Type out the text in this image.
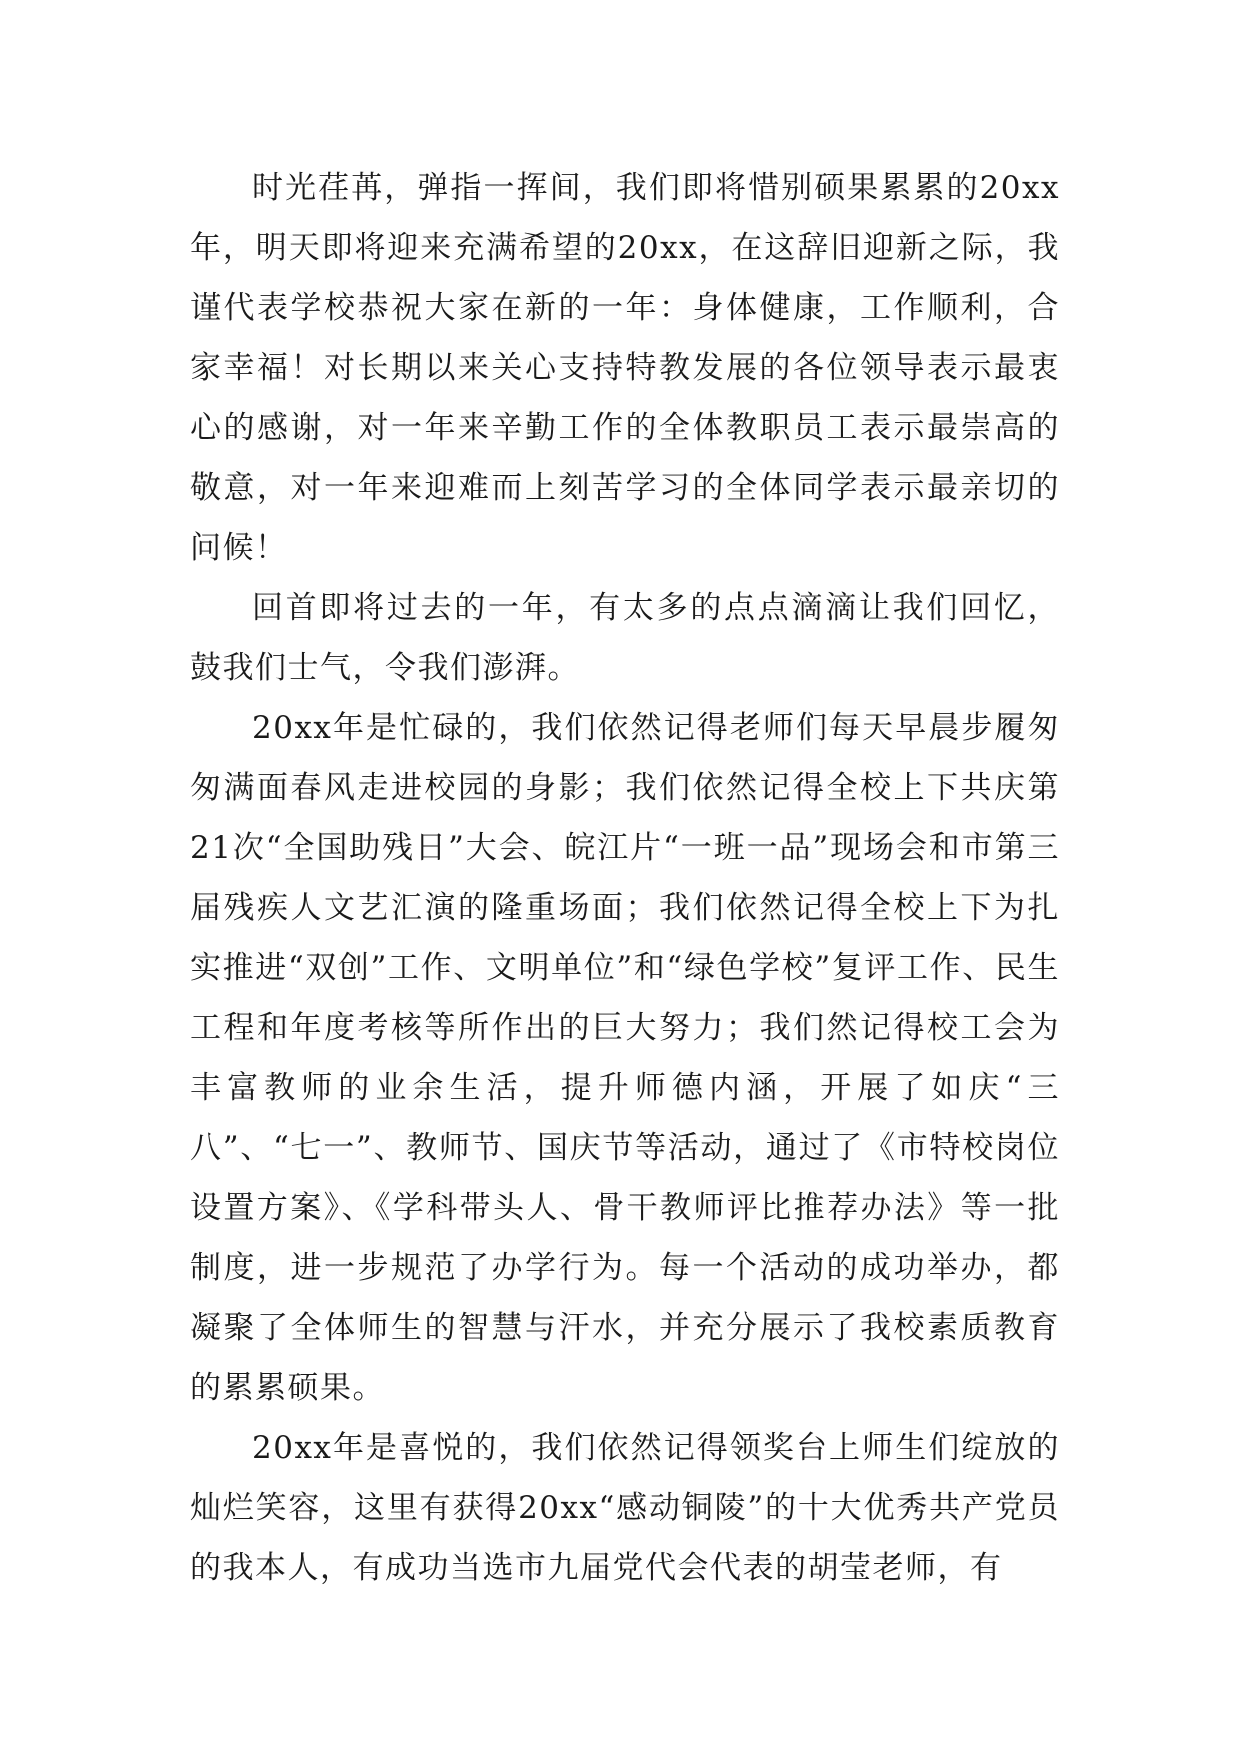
时光荏苒，弹指一挥间，我们即将惜别硕果累累的20xx年，明天即将迎来充满希望的20xx，在这辞旧迎新之际，我谨代表学校恭祝大家在新的一年：身体健康，工作顺利，合家幸福！对长期以来关心支持特教发展的各位领导表示最衷心的感谢，对一年来辛勤工作的全体教职员工表示最崇高的敬意，对一年来迎难而上刻苦学习的全体同学表示最亲切的问候！

回首即将过去的一年，有太多的点点滴滴让我们回忆，鼓我们士气，令我们澎湃。

20xx年是忙碌的，我们依然记得老师们每天早晨步履匆匆满面春风走进校园的身影；我们依然记得全校上下共庆第21次“全国助残日”大会、皖江片“一班一品”现场会和市第三届残疾人文艺汇演的隆重场面；我们依然记得全校上下为扎实推进“双创”工作、文明单位”和“绿色学校”复评工作、民生工程和年度考核等所作出的巨大努力；我们然记得校工会为丰富教师的业余生活，提升师德内涵，开展了如庆“三八”、“七一”、教师节、国庆节等活动，通过了《市特校岗位设置方案》、《学科带头人、骨干教师评比推荐办法》等一批制度，进一步规范了办学行为。每一个活动的成功举办，都凝聚了全体师生的智慧与汗水，并充分展示了我校素质教育的累累硕果。

20xx年是喜悦的，我们依然记得领奖台上师生们绽放的灿烂笑容，这里有获得20xx“感动铜陵”的十大优秀共产党员的我本人，有成功当选市九届党代会代表的胡莹老师，有
